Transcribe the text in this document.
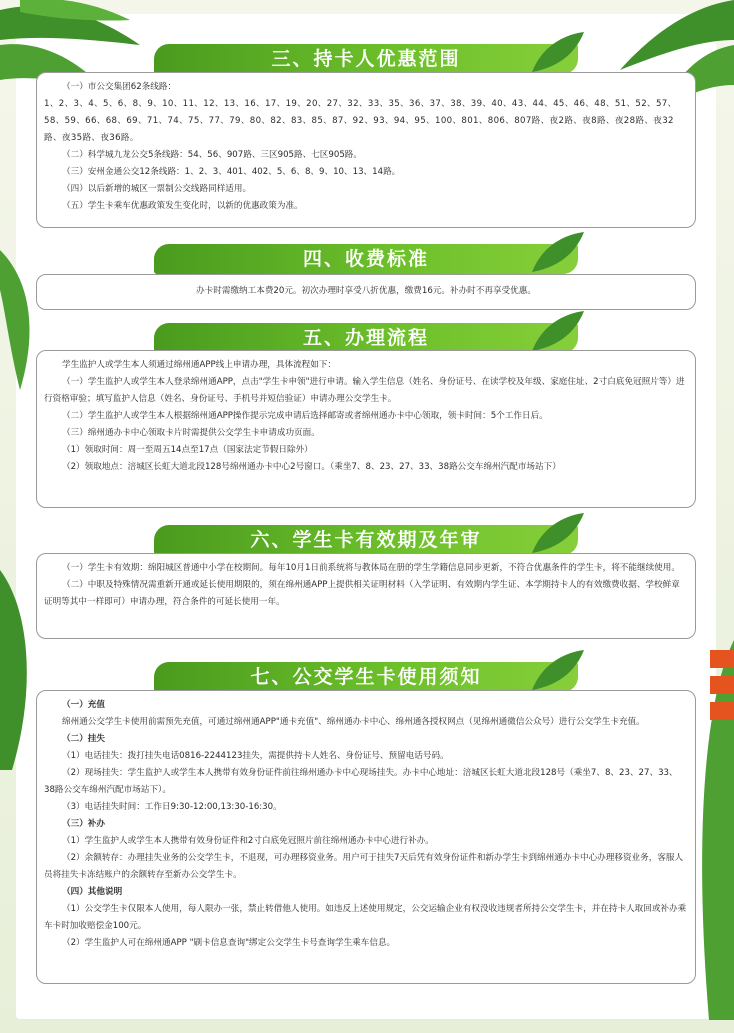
三、持卡人优惠范围

（一）市公交集团62条线路：

1、2、3、4、5、6、8、9、10、11、12、13、16、17、19、20、27、32、33、35、36、37、38、39、40、43、44、45、46、48、51、52、57、58、59、66、68、69、71、74、75、77、79、80、82、83、85、87、92、93、94、95、100、801、806、807路、夜2路、夜8路、夜28路、夜32路、夜35路、夜36路。

（二）科学城九龙公交5条线路：54、56、907路、三区905路、七区905路。

（三）安州金通公交12条线路：1、2、3、401、402、5、6、8、9、10、13、14路。

（四）以后新增的城区一票制公交线路同样适用。

（五）学生卡乘车优惠政策发生变化时，以新的优惠政策为准。

四、收费标准

办卡时需缴纳工本费20元。初次办理时享受八折优惠，缴费16元。补办时不再享受优惠。

五、办理流程

学生监护人或学生本人须通过绵州通APP线上申请办理，具体流程如下：

（一）学生监护人或学生本人登录绵州通APP，点击"学生卡申领"进行申请。输入学生信息（姓名、身份证号、在读学校及年级、家庭住址、2寸白底免冠照片等）进行资格审验；填写监护人信息（姓名、身份证号、手机号并短信验证）申请办理公交学生卡。

（二）学生监护人或学生本人根据绵州通APP操作提示完成申请后选择邮寄或者绵州通办卡中心领取，领卡时间：5个工作日后。

（三）绵州通办卡中心领取卡片时需提供公交学生卡申请成功页面。

（1）领取时间：周一至周五14点至17点（国家法定节假日除外）

（2）领取地点：涪城区长虹大道北段128号绵州通办卡中心2号窗口。（乘坐7、8、23、27、33、38路公交车绵州汽配市场站下）

六、学生卡有效期及年审

（一）学生卡有效期：绵阳城区普通中小学在校期间。每年10月1日前系统将与教体局在册的学生学籍信息同步更新，不符合优惠条件的学生卡，将不能继续使用。

（二）中职及特殊情况需重新开通或延长使用期限的，须在绵州通APP上提供相关证明材料（入学证明、有效期内学生证、本学期持卡人的有效缴费收据、学校鲜章证明等其中一样即可）申请办理，符合条件的可延长使用一年。

七、公交学生卡使用须知

（一）充值

绵州通公交学生卡使用前需预先充值，可通过绵州通APP"通卡充值"、绵州通办卡中心、绵州通各授权网点（见绵州通微信公众号）进行公交学生卡充值。

（二）挂失

（1）电话挂失：拨打挂失电话0816-2244123挂失，需提供持卡人姓名、身份证号、预留电话号码。

（2）现场挂失：学生监护人或学生本人携带有效身份证件前往绵州通办卡中心现场挂失。办卡中心地址：涪城区长虹大道北段128号（乘坐7、8、23、27、33、38路公交车绵州汽配市场站下）。

（3）电话挂失时间：工作日9:30-12:00,13:30-16:30。

（三）补办

（1）学生监护人或学生本人携带有效身份证件和2寸白底免冠照片前往绵州通办卡中心进行补办。

（2）余额转存：办理挂失业务的公交学生卡，不退现，可办理移资业务。用户可于挂失7天后凭有效身份证件和新办学生卡到绵州通办卡中心办理移资业务，客服人员将挂失卡冻结账户的余额转存至新办公交学生卡。

（四）其他说明

（1）公交学生卡仅限本人使用，每人限办一张，禁止转借他人使用。如违反上述使用规定，公交运输企业有权没收违规者所持公交学生卡，并在持卡人取回或补办乘车卡时加收赔偿金100元。

（2）学生监护人可在绵州通APP "刷卡信息查询"绑定公交学生卡号查询学生乘车信息。
